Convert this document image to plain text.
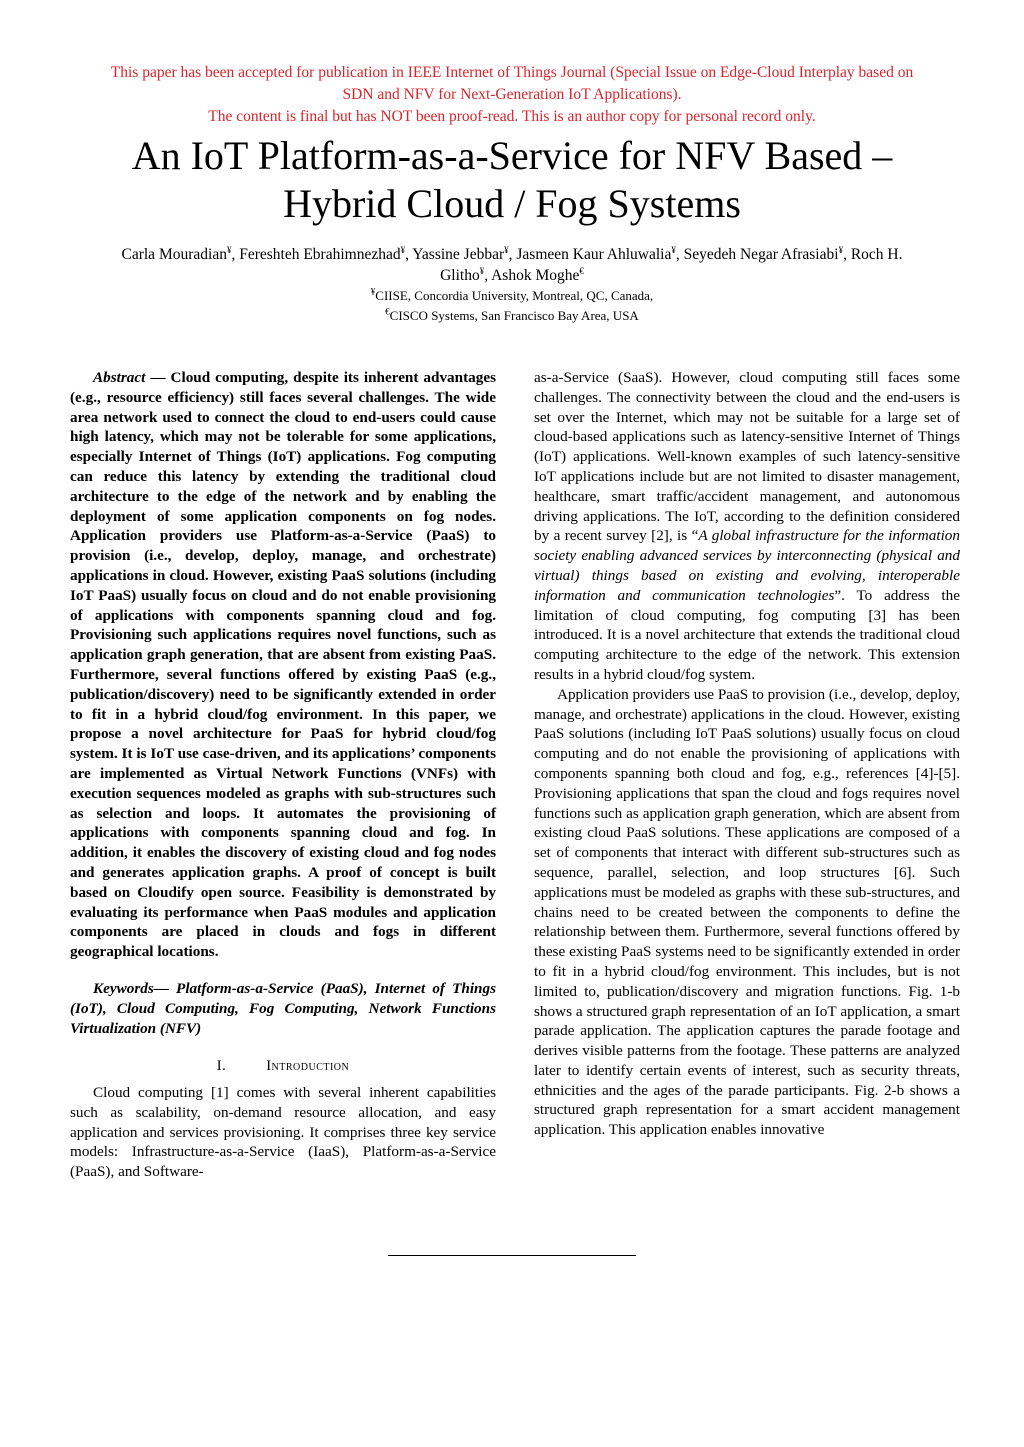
This paper has been accepted for publication in IEEE Internet of Things Journal (Special Issue on Edge-Cloud Interplay based on
SDN and NFV for Next-Generation IoT Applications).
The content is final but has NOT been proof-read. This is an author copy for personal record only.
An IoT Platform-as-a-Service for NFV Based –
Hybrid Cloud / Fog Systems
Carla Mouradian¥, Fereshteh Ebrahimnezhad¥, Yassine Jebbar¥, Jasmeen Kaur Ahluwalia¥, Seyedeh Negar Afrasiabi¥, Roch H.
Glitho¥, Ashok Moghe€
¥CIISE, Concordia University, Montreal, QC, Canada,
€CISCO Systems, San Francisco Bay Area, USA

Abstract — Cloud computing, despite its inherent advantages (e.g., resource efficiency) still faces several challenges. The wide area network used to connect the cloud to end-users could cause high latency, which may not be tolerable for some applications, especially Internet of Things (IoT) applications. Fog computing can reduce this latency by extending the traditional cloud architecture to the edge of the network and by enabling the deployment of some application components on fog nodes. Application providers use Platform-as-a-Service (PaaS) to provision (i.e., develop, deploy, manage, and orchestrate) applications in cloud. However, existing PaaS solutions (including IoT PaaS) usually focus on cloud and do not enable provisioning of applications with components spanning cloud and fog. Provisioning such applications requires novel functions, such as application graph generation, that are absent from existing PaaS. Furthermore, several functions offered by existing PaaS (e.g., publication/discovery) need to be significantly extended in order to fit in a hybrid cloud/fog environment. In this paper, we propose a novel architecture for PaaS for hybrid cloud/fog system. It is IoT use case-driven, and its applications’ components are implemented as Virtual Network Functions (VNFs) with execution sequences modeled as graphs with sub-structures such as selection and loops. It automates the provisioning of applications with components spanning cloud and fog. In addition, it enables the discovery of existing cloud and fog nodes and generates application graphs. A proof of concept is built based on Cloudify open source. Feasibility is demonstrated by evaluating its performance when PaaS modules and application components are placed in clouds and fogs in different geographical locations.

Keywords— Platform-as-a-Service (PaaS), Internet of Things (IoT), Cloud Computing, Fog Computing, Network Functions Virtualization (NFV)

I.	Introduction

Cloud computing [1] comes with several inherent capabilities such as scalability, on-demand resource allocation, and easy application and services provisioning. It comprises three key service models: Infrastructure-as-a-Service (IaaS), Platform-as-a-Service (PaaS), and Software-

as-a-Service (SaaS). However, cloud computing still faces some challenges. The connectivity between the cloud and the end-users is set over the Internet, which may not be suitable for a large set of cloud-based applications such as latency-sensitive Internet of Things (IoT) applications. Well-known examples of such latency-sensitive IoT applications include but are not limited to disaster management, healthcare, smart traffic/accident management, and autonomous driving applications. The IoT, according to the definition considered by a recent survey [2], is “A global infrastructure for the information society enabling advanced services by interconnecting (physical and virtual) things based on existing and evolving, interoperable information and communication technologies”. To address the limitation of cloud computing, fog computing [3] has been introduced. It is a novel architecture that extends the traditional cloud computing architecture to the edge of the network. This extension results in a hybrid cloud/fog system.

Application providers use PaaS to provision (i.e., develop, deploy, manage, and orchestrate) applications in the cloud. However, existing PaaS solutions (including IoT PaaS solutions) usually focus on cloud computing and do not enable the provisioning of applications with components spanning both cloud and fog, e.g., references [4]-[5]. Provisioning applications that span the cloud and fogs requires novel functions such as application graph generation, which are absent from existing cloud PaaS solutions. These applications are composed of a set of components that interact with different sub-structures such as sequence, parallel, selection, and loop structures [6]. Such applications must be modeled as graphs with these sub-structures, and chains need to be created between the components to define the relationship between them. Furthermore, several functions offered by these existing PaaS systems need to be significantly extended in order to fit in a hybrid cloud/fog environment. This includes, but is not limited to, publication/discovery and migration functions. Fig. 1-b shows a structured graph representation of an IoT application, a smart parade application. The application captures the parade footage and derives visible patterns from the footage. These patterns are analyzed later to identify certain events of interest, such as security threats, ethnicities and the ages of the parade participants. Fig. 2-b shows a structured graph representation for a smart accident management application. This application enables innovative
